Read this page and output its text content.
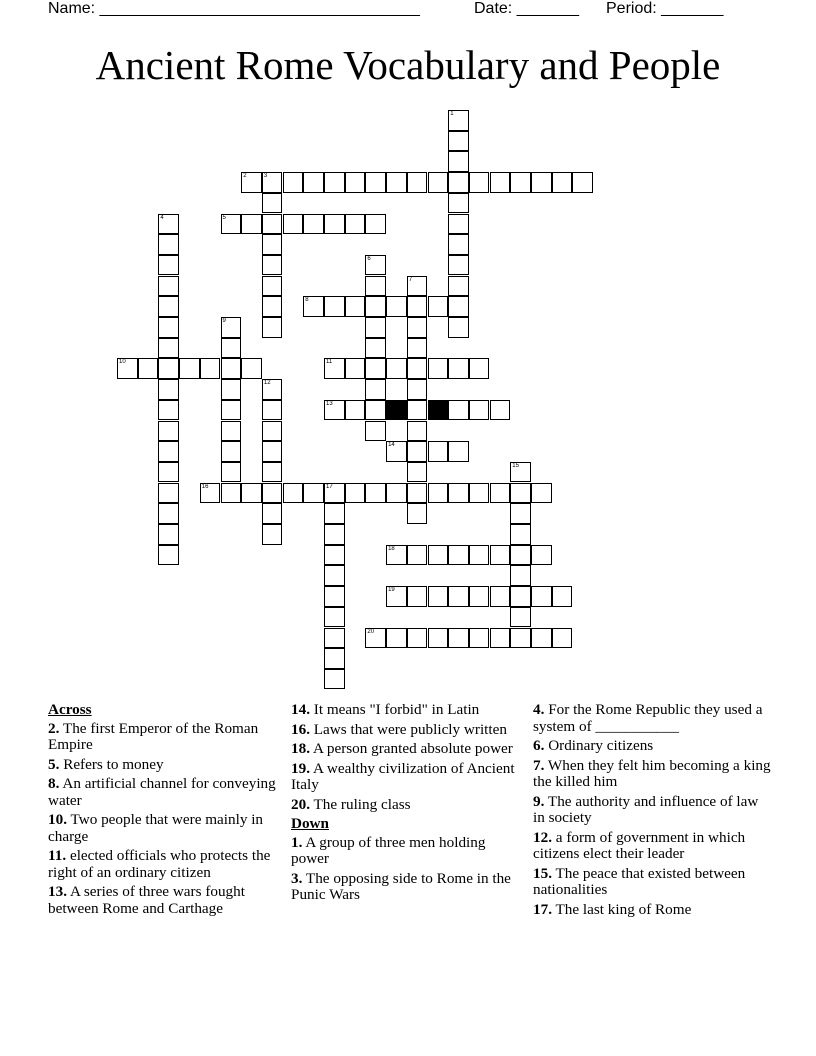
Name: ____________________________________	Date: _______ Period: _______
Ancient Rome Vocabulary and People
1
2	3
4	5
6
7
8
9
10	11
12
13
14
15
16	17
18
19
20
Across
2. The first Emperor of the Roman Empire
5. Refers to money
8. An artificial channel for conveying water
10. Two people that were mainly in charge
11. elected officials who protects the right of an ordinary citizen
13. A series of three wars fought between Rome and Carthage
14. It means "I forbid" in Latin
16. Laws that were publicly written
18. A person granted absolute power
19. A wealthy civilization of Ancient Italy
20. The ruling class
Down
1. A group of three men holding power
3. The opposing side to Rome in the Punic Wars
4. For the Rome Republic they used a system of ___________
6. Ordinary citizens
7. When they felt him becoming a king the killed him
9. The authority and influence of law in society
12. a form of government in which citizens elect their leader
15. The peace that existed between nationalities
17. The last king of Rome
